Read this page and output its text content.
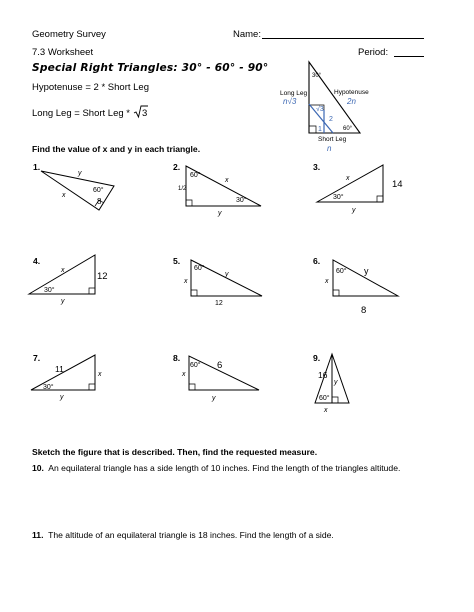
Geometry Survey
7.3 Worksheet
Name:
Period:
Special Right Triangles: 30° - 60° - 90°
Hypotenuse = 2 * Short Leg
Long Leg = Short Leg * 3
30°
60°
Long Leg
n√3
Hypotenuse
2n
√3
2
1
Short Leg
n
Find the value of x and y in each triangle.
1.
y
60°
x
8
2.
60°
1/2
x
30°
y
3.
x
14
30°
y
4.
x
12
30°
y
5.
60°
x
y
12
6.
60° y
x
8
7.
11
x
30°
y
8.
60° 6
x
y
9.
16
y
60°
x
Sketch the figure that is described. Then, find the requested measure.
10. An equilateral triangle has a side length of 10 inches. Find the length of the triangles altitude.
11. The altitude of an equilateral triangle is 18 inches. Find the length of a side.
